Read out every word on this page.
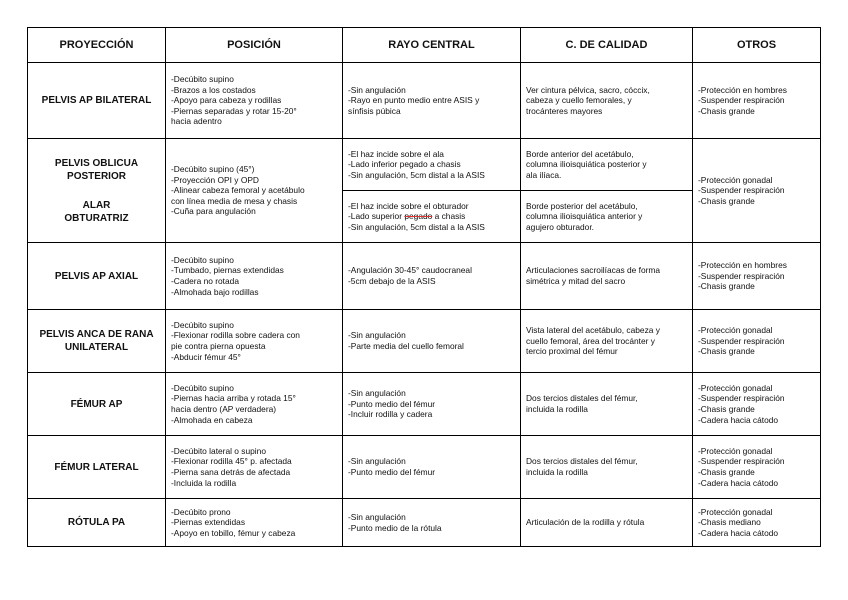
PROYECCIÓN	POSICIÓN	RAYO CENTRAL	C. DE CALIDAD	OTROS

PELVIS AP BILATERAL	-Decúbito supino
-Brazos a los costados
-Apoyo para cabeza y rodillas
-Piernas separadas y rotar 15-20°
hacia adentro	-Sin angulación
-Rayo en punto medio entre ASIS y
sínfisis púbica	Ver cintura pélvica, sacro, cóccix,
cabeza y cuello femorales, y
trocánteres mayores	-Protección en hombres
-Suspender respiración
-Chasis grande

PELVIS OBLICUA
POSTERIOR
ALAR
OBTURATRIZ	-Decúbito supino (45°)
-Proyección OPI y OPD
-Alinear cabeza femoral y acetábulo
con línea media de mesa y chasis
-Cuña para angulación	-El haz incide sobre el ala
-Lado inferior pegado a chasis
-Sin angulación, 5cm distal a la ASIS	Borde anterior del acetábulo,
columna ilioisquiática posterior y
ala ilíaca.	-Protección gonadal
-Suspender respiración
-Chasis grande

		-El haz incide sobre el obturador
-Lado superior pegado a chasis
-Sin angulación, 5cm distal a la ASIS	Borde posterior del acetábulo,
columna ilioisquiática anterior y
agujero obturador.	

PELVIS AP AXIAL	-Decúbito supino
-Tumbado, piernas extendidas
-Cadera no rotada
-Almohada bajo rodillas	-Angulación 30-45° caudocraneal
-5cm debajo de la ASIS	Articulaciones sacroilíacas de forma
simétrica y mitad del sacro	-Protección en hombres
-Suspender respiración
-Chasis grande

PELVIS ANCA DE RANA
UNILATERAL	-Decúbito supino
-Flexionar rodilla sobre cadera con
pie contra pierna opuesta
-Abducir fémur 45°	-Sin angulación
-Parte media del cuello femoral	Vista lateral del acetábulo, cabeza y
cuello femoral, área del trocánter y
tercio proximal del fémur	-Protección gonadal
-Suspender respiración
-Chasis grande

FÉMUR AP	-Decúbito supino
-Piernas hacia arriba y rotada 15°
hacia dentro (AP verdadera)
-Almohada en cabeza	-Sin angulación
-Punto medio del fémur
-Incluir rodilla y cadera	Dos tercios distales del fémur,
incluida la rodilla	-Protección gonadal
-Suspender respiración
-Chasis grande
-Cadera hacia cátodo

FÉMUR LATERAL	-Decúbito lateral o supino
-Flexionar rodilla 45° p. afectada
-Pierna sana detrás de afectada
-Incluida la rodilla	-Sin angulación
-Punto medio del fémur	Dos tercios distales del fémur,
incluida la rodilla	-Protección gonadal
-Suspender respiración
-Chasis grande
-Cadera hacia cátodo

RÓTULA PA	-Decúbito prono
-Piernas extendidas
-Apoyo en tobillo, fémur y cabeza	-Sin angulación
-Punto medio de la rótula	Articulación de la rodilla y rótula	-Protección gonadal
-Chasis mediano
-Cadera hacia cátodo
